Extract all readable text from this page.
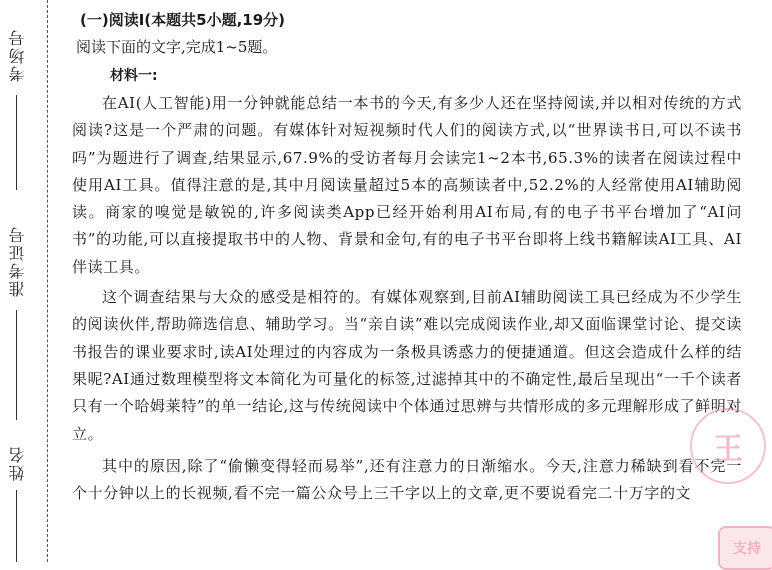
考场号
准考证号
姓名
(一)阅读Ⅰ(本题共5小题,19分)
阅读下面的文字,完成1~5题。
材料一:

在AI(人工智能)用一分钟就能总结一本书的今天,有多少人还在坚持阅读,并以相对传统的方式阅读?这是一个严肃的问题。有媒体针对短视频时代人们的阅读方式,以“世界读书日,可以不读书吗”为题进行了调查,结果显示,67.9%的受访者每月会读完1~2本书,65.3%的读者在阅读过程中使用AI工具。值得注意的是,其中月阅读量超过5本的高频读者中,52.2%的人经常使用AI辅助阅读。商家的嗅觉是敏锐的,许多阅读类App已经开始利用AI布局,有的电子书平台增加了“AI问书”的功能,可以直接提取书中的人物、背景和金句,有的电子书平台即将上线书籍解读AI工具、AI伴读工具。

这个调查结果与大众的感受是相符的。有媒体观察到,目前AI辅助阅读工具已经成为不少学生的阅读伙伴,帮助筛选信息、辅助学习。当“亲自读”难以完成阅读作业,却又面临课堂讨论、提交读书报告的课业要求时,读AI处理过的内容成为一条极具诱惑力的便捷通道。但这会造成什么样的结果呢?AI通过数理模型将文本简化为可量化的标签,过滤掉其中的不确定性,最后呈现出“一千个读者只有一个哈姆莱特”的单一结论,这与传统阅读中个体通过思辨与共情形成的多元理解形成了鲜明对立。

其中的原因,除了“偷懒变得轻而易举”,还有注意力的日渐缩水。今天,注意力稀缺到看不完一个十分钟以上的长视频,看不完一篇公众号上三千字以上的文章,更不要说看完二十万字的文

王
支持
